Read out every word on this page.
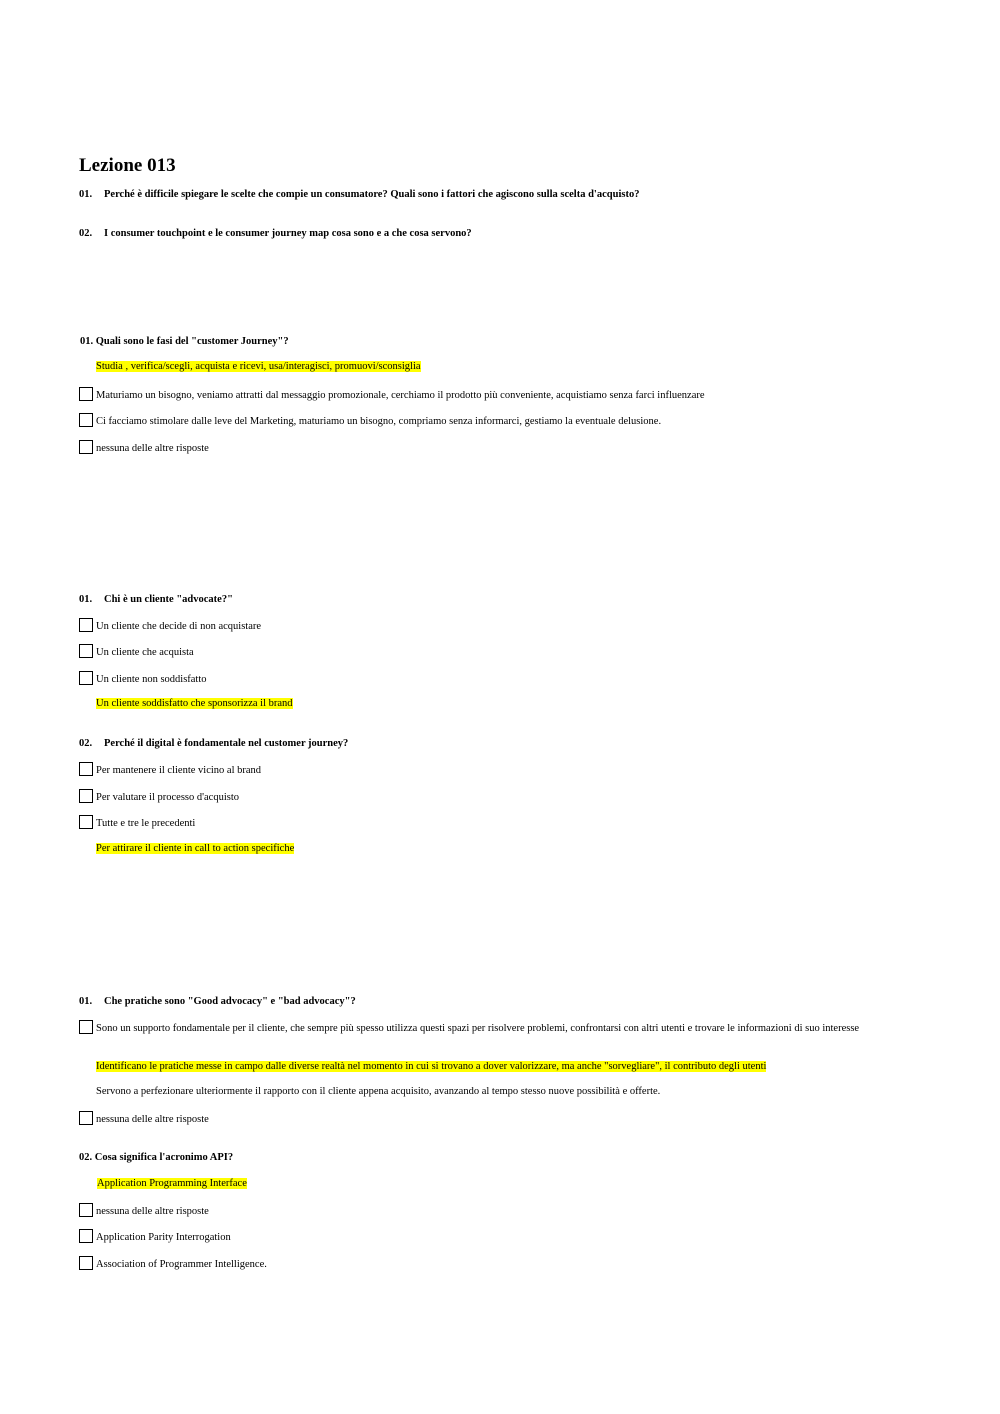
Lezione 013
01. Perché è difficile spiegare le scelte che compie un consumatore? Quali sono i fattori che agiscono sulla scelta d'acquisto?
02. I consumer touchpoint e le consumer journey map cosa sono e a che cosa servono?
01. Quali sono le fasi del "customer Journey"?
Studia , verifica/scegli, acquista e ricevi, usa/interagisci, promuovi/sconsiglia
Maturiamo un bisogno, veniamo attratti dal messaggio promozionale, cerchiamo il prodotto più conveniente, acquistiamo senza farci influenzare
Ci facciamo stimolare dalle leve del Marketing, maturiamo un bisogno, compriamo senza informarci, gestiamo la eventuale delusione.
nessuna delle altre risposte
01. Chi è un cliente "advocate?"
Un cliente che decide di non acquistare
Un cliente che acquista
Un cliente non soddisfatto
Un cliente soddisfatto che sponsorizza il brand
02. Perché il digital è fondamentale nel customer journey?
Per mantenere il cliente vicino al brand
Per valutare il processo d'acquisto
Tutte e tre le precedenti
Per attirare il cliente in call to action specifiche
01. Che pratiche sono "Good advocacy" e "bad advocacy"?
Sono un supporto fondamentale per il cliente, che sempre più spesso utilizza questi spazi per risolvere problemi, confrontarsi con altri utenti e trovare le informazioni di suo interesse
Identificano le pratiche messe in campo dalle diverse realtà nel momento in cui si trovano a dover valorizzare, ma anche "sorvegliare", il contributo degli utenti
Servono a perfezionare ulteriormente il rapporto con il cliente appena acquisito, avanzando al tempo stesso nuove possibilità e offerte.
nessuna delle altre risposte
02. Cosa significa l'acronimo API?
Application Programming Interface
nessuna delle altre risposte
Application Parity Interrogation
Association of Programmer Intelligence.
